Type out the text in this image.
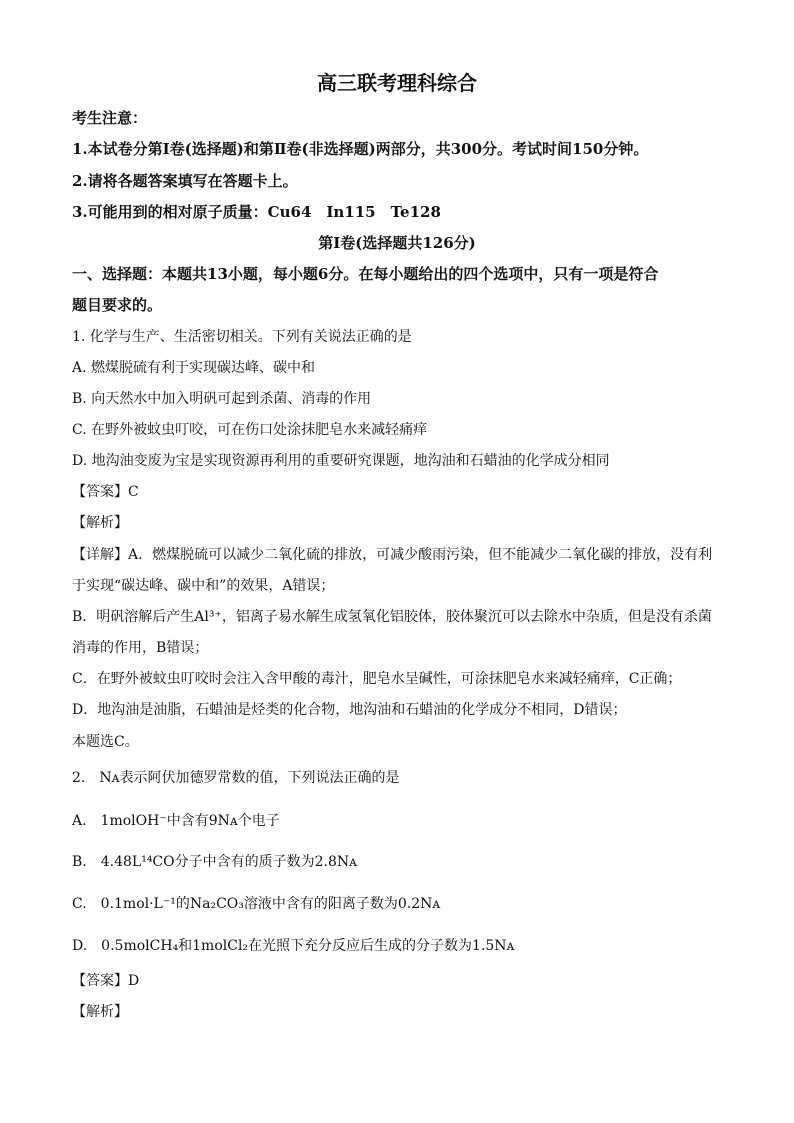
高三联考理科综合
考生注意：
1.本试卷分第Ⅰ卷(选择题)和第Ⅱ卷(非选择题)两部分，共300分。考试时间150分钟。
2.请将各题答案填写在答题卡上。
3.可能用到的相对原子质量：Cu64　In115　Te128
第Ⅰ卷(选择题共126分)
一、选择题：本题共13小题，每小题6分。在每小题给出的四个选项中，只有一项是符合
题目要求的。
1. 化学与生产、生活密切相关。下列有关说法正确的是
A. 燃煤脱硫有利于实现碳达峰、碳中和
B. 向天然水中加入明矾可起到杀菌、消毒的作用
C. 在野外被蚊虫叮咬，可在伤口处涂抹肥皂水来减轻痛痒
D. 地沟油变废为宝是实现资源再利用的重要研究课题，地沟油和石蜡油的化学成分相同
【答案】C
【解析】
【详解】A．燃煤脱硫可以减少二氧化硫的排放，可减少酸雨污染，但不能减少二氧化碳的排放，没有利
于实现“碳达峰、碳中和”的效果，A错误；
B．明矾溶解后产生Al³⁺，铝离子易水解生成氢氧化铝胶体，胶体聚沉可以去除水中杂质，但是没有杀菌
消毒的作用，B错误；
C．在野外被蚊虫叮咬时会注入含甲酸的毒汁，肥皂水呈碱性，可涂抹肥皂水来减轻痛痒，C正确；
D．地沟油是油脂，石蜡油是烃类的化合物，地沟油和石蜡油的化学成分不相同，D错误；
本题选C。
2.　Nᴀ表示阿伏加德罗常数的值，下列说法正确的是
A.　1molOH⁻中含有9Nᴀ个电子
B.　4.48L¹⁴CO分子中含有的质子数为2.8Nᴀ
C.　0.1mol·L⁻¹的Na₂CO₃溶液中含有的阳离子数为0.2Nᴀ
D.　0.5molCH₄和1molCl₂在光照下充分反应后生成的分子数为1.5Nᴀ
【答案】D
【解析】
